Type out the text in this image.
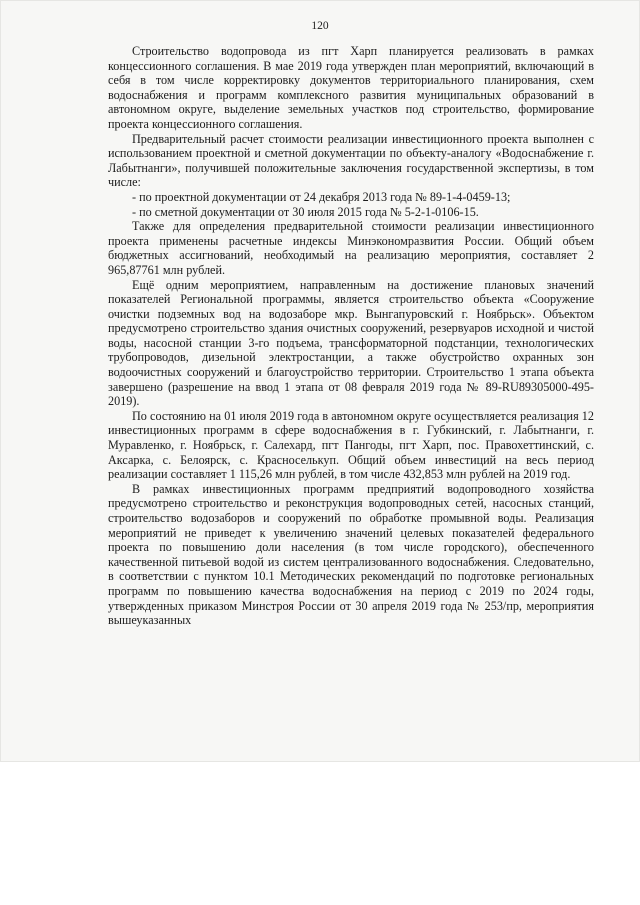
120

Строительство водопровода из пгт Харп планируется реализовать в рамках концессионного соглашения. В мае 2019 года утвержден план мероприятий, включающий в себя в том числе корректировку документов территориального планирования, схем водоснабжения и программ комплексного развития муниципальных образований в автономном округе, выделение земельных участков под строительство, формирование проекта концессионного соглашения.

Предварительный расчет стоимости реализации инвестиционного проекта выполнен с использованием проектной и сметной документации по объекту-аналогу «Водоснабжение г. Лабытнанги», получившей положительные заключения государственной экспертизы, в том числе:

- по проектной документации от 24 декабря 2013 года № 89-1-4-0459-13;

- по сметной документации от 30 июля 2015 года № 5-2-1-0106-15.

Также для определения предварительной стоимости реализации инвестиционного проекта применены расчетные индексы Минэкономразвития России. Общий объем бюджетных ассигнований, необходимый на реализацию мероприятия, составляет 2 965,87761 млн рублей.

Ещё одним мероприятием, направленным на достижение плановых значений показателей Региональной программы, является строительство объекта «Сооружение очистки подземных вод на водозаборе мкр. Вынгапуровский г. Ноябрьск». Объектом предусмотрено строительство здания очистных сооружений, резервуаров исходной и чистой воды, насосной станции 3-го подъема, трансформаторной подстанции, технологических трубопроводов, дизельной электростанции, а также обустройство охранных зон водоочистных сооружений и благоустройство территории. Строительство 1 этапа объекта завершено (разрешение на ввод 1 этапа от 08 февраля 2019 года № 89-RU89305000-495-2019).

По состоянию на 01 июля 2019 года в автономном округе осуществляется реализация 12 инвестиционных программ в сфере водоснабжения в г. Губкинский, г. Лабытнанги, г. Муравленко, г. Ноябрьск, г. Салехард, пгт Пангоды, пгт Харп, пос. Правохеттинский, с. Аксарка, с. Белоярск, с. Красноселькуп. Общий объем инвестиций на весь период реализации составляет 1 115,26 млн рублей, в том числе 432,853 млн рублей на 2019 год.

В рамках инвестиционных программ предприятий водопроводного хозяйства предусмотрено строительство и реконструкция водопроводных сетей, насосных станций, строительство водозаборов и сооружений по обработке промывной воды. Реализация мероприятий не приведет к увеличению значений целевых показателей федерального проекта по повышению доли населения (в том числе городского), обеспеченного качественной питьевой водой из систем централизованного водоснабжения. Следовательно, в соответствии с пунктом 10.1 Методических рекомендаций по подготовке региональных программ по повышению качества водоснабжения на период с 2019 по 2024 годы, утвержденных приказом Минстроя России от 30 апреля 2019 года № 253/пр, мероприятия вышеуказанных
